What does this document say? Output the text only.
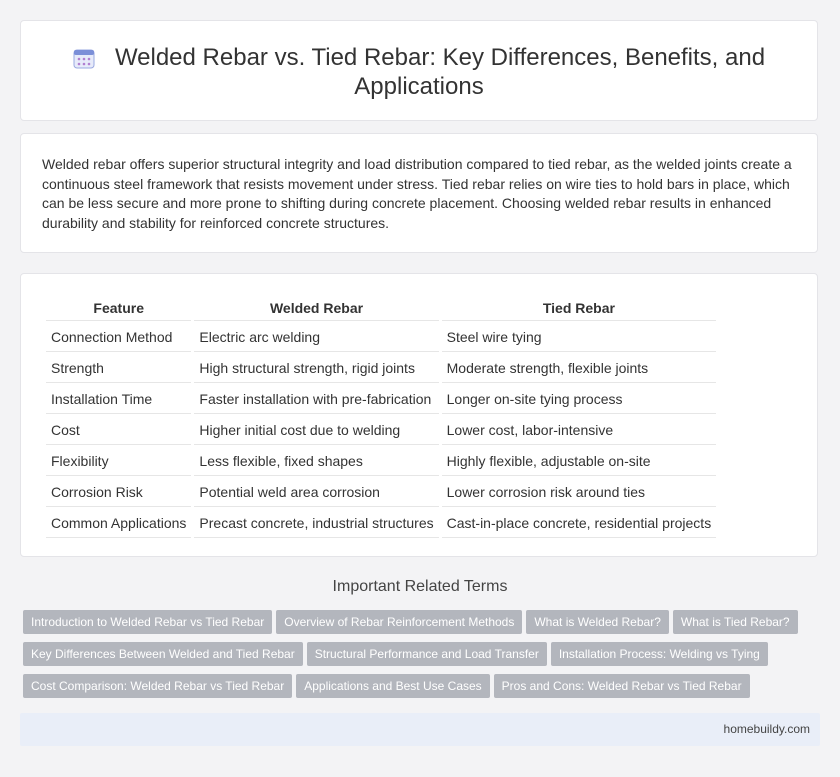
Welded Rebar vs. Tied Rebar: Key Differences, Benefits, and Applications
Welded rebar offers superior structural integrity and load distribution compared to tied rebar, as the welded joints create a continuous steel framework that resists movement under stress. Tied rebar relies on wire ties to hold bars in place, which can be less secure and more prone to shifting during concrete placement. Choosing welded rebar results in enhanced durability and stability for reinforced concrete structures.
Feature	Welded Rebar	Tied Rebar
Connection Method	Electric arc welding	Steel wire tying
Strength	High structural strength, rigid joints	Moderate strength, flexible joints
Installation Time	Faster installation with pre-fabrication	Longer on-site tying process
Cost	Higher initial cost due to welding	Lower cost, labor-intensive
Flexibility	Less flexible, fixed shapes	Highly flexible, adjustable on-site
Corrosion Risk	Potential weld area corrosion	Lower corrosion risk around ties
Common Applications	Precast concrete, industrial structures	Cast-in-place concrete, residential projects
Important Related Terms
Introduction to Welded Rebar vs Tied Rebar Overview of Rebar Reinforcement Methods What is Welded Rebar? What is Tied Rebar?
Key Differences Between Welded and Tied Rebar Structural Performance and Load Transfer Installation Process: Welding vs Tying
Cost Comparison: Welded Rebar vs Tied Rebar Applications and Best Use Cases Pros and Cons: Welded Rebar vs Tied Rebar
homebuildy.com
